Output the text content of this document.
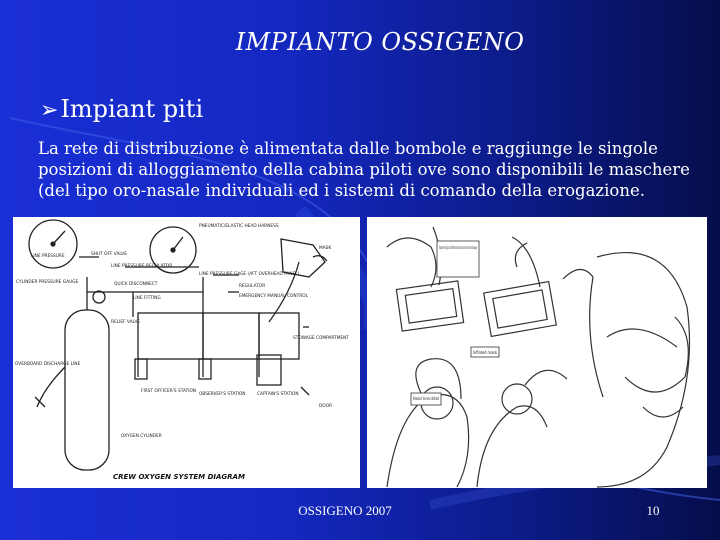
IMPIANTO OSSIGENO
➢Impiant piti
La rete di distribuzione è alimentata dalle bombole e raggiunge le singole posizioni di alloggiamento della cabina piloti ove sono disponibili le maschere (del tipo oro-nasale individuali ed i sistemi di comando della erogazione.
LINE PRESSURE	SHUT OFF VALVE
LINE PRESSURE REGULATOR
QUICK DISCONNECT
CYLINDER PRESSURE GAUGE
LINE FITTING
RELIEF VALVE
OVERBOARD DISCHARGE LINE
OXYGEN CYLINDER
PNEUMATIC/ELASTIC HEAD HARNESS
MASK
LINE PRESSURE GAGE (AFT OVERHEAD PANEL)
REGULATOR
EMERGENCY MANUAL CONTROL
STOWAGE COMPARTMENT
FIRST OFFICER'S STATION
OBSERVER'S STATION	CAPTAIN'S STATION
DOOR
CREW OXYGEN SYSTEM DIAGRAM
Squeeze red grips to inflate mask harness and remove from stowage.
Inflated mask
Released: harness deflated
OSSIGENO 2007	10
